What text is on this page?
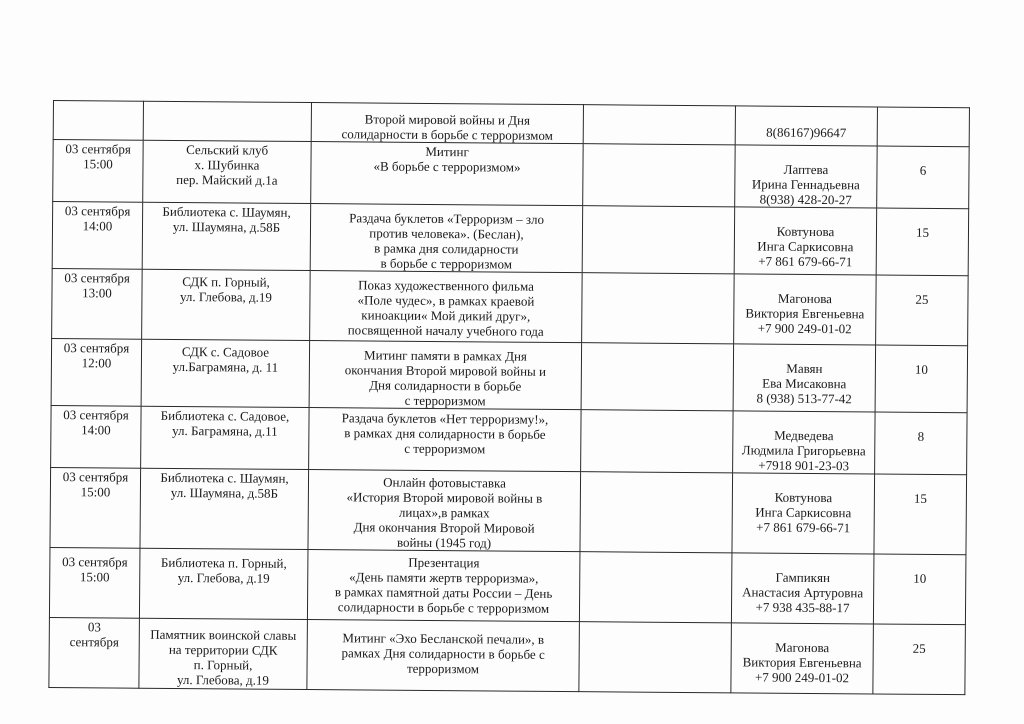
		Второй мировой войны и Дня
солидарности в борьбе с терроризмом		8(86167)96647	
03 сентября
15:00	Сельский клуб
х. Шубинка
пер. Майский д.1а	Митинг
«В борьбе с терроризмом»		Лаптева
Ирина Геннадьевна
8(938) 428-20-27	6
03 сентября
14:00	Библиотека с. Шаумян,
ул. Шаумяна, д.58Б	Раздача буклетов «Терроризм – зло
против человека». (Беслан),
в рамка дня солидарности
в борьбе с терроризмом		Ковтунова
Инга Саркисовна
+7 861 679-66-71	15
03 сентября
13:00	СДК п. Горный,
ул. Глебова, д.19	Показ художественного фильма
«Поле чудес», в рамках краевой
киноакции« Мой дикий друг»,
посвященной началу учебного года		Магонова
Виктория Евгеньевна
+7 900 249-01-02	25
03 сентября
12:00	СДК с. Садовое
ул.Баграмяна, д. 11	Митинг памяти в рамках Дня
окончания Второй мировой войны и
Дня солидарности в борьбе
с терроризмом		Мавян
Ева Мисаковна
8 (938) 513-77-42	10
03 сентября
14:00	Библиотека с. Садовое,
ул. Баграмяна, д.11	Раздача буклетов «Нет терроризму!»,
в рамках дня солидарности в борьбе
с терроризмом		Медведева
Людмила Григорьевна
+7918 901-23-03	8
03 сентября
15:00	Библиотека с. Шаумян,
ул. Шаумяна, д.58Б	Онлайн фотовыставка
«История Второй мировой войны в
лицах»,в рамках
Дня окончания Второй Мировой
войны (1945 год)		Ковтунова
Инга Саркисовна
+7 861 679-66-71	15
03 сентября
15:00	Библиотека п. Горный,
ул. Глебова, д.19	Презентация
«День памяти жертв терроризма»,
в рамках памятной даты России – День
солидарности в борьбе с терроризмом		Гампикян
Анастасия Артуровна
+7 938 435-88-17	10
03
сентября	Памятник воинской славы
на территории СДК
п. Горный,
ул. Глебова, д.19	Митинг «Эхо Бесланской печали», в
рамках Дня солидарности в борьбе с
терроризмом		Магонова
Виктория Евгеньевна
+7 900 249-01-02	25
